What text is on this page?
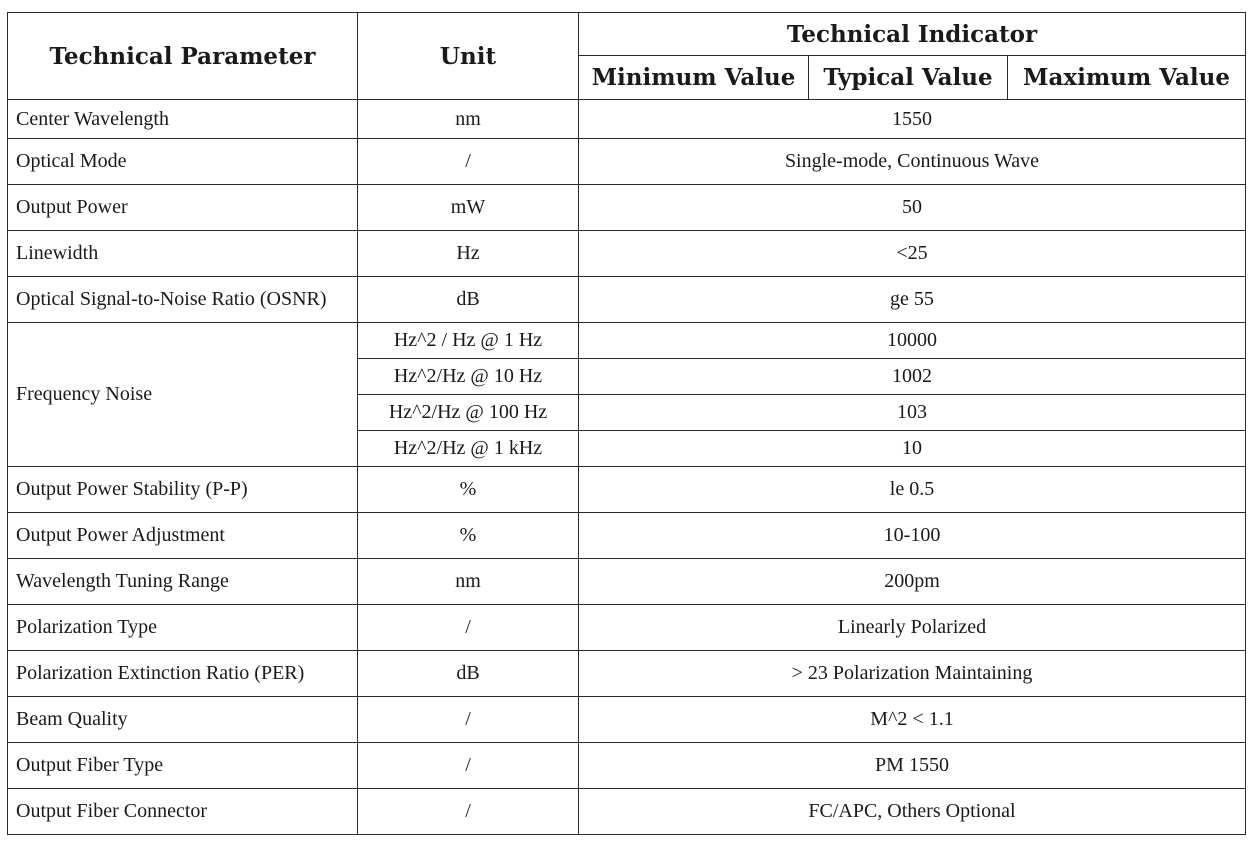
Technical Parameter	Unit	Technical Indicator		
		Minimum Value	Typical Value	Maximum Value
Center Wavelength	nm	1550		
Optical Mode	/	Single-mode, Continuous Wave		
Output Power	mW	50		
Linewidth	Hz	<25		
Optical Signal-to-Noise Ratio (OSNR)	dB	ge 55		
Frequency Noise	Hz^2 / Hz @ 1 Hz	10000		
	Hz^2/Hz @ 10 Hz	1002		
	Hz^2/Hz @ 100 Hz	103		
	Hz^2/Hz @ 1 kHz	10		
Output Power Stability (P-P)	%	le 0.5		
Output Power Adjustment	%	10-100		
Wavelength Tuning Range	nm	200pm		
Polarization Type	/	Linearly Polarized		
Polarization Extinction Ratio (PER)	dB	> 23 Polarization Maintaining		
Beam Quality	/	M^2 < 1.1		
Output Fiber Type	/	PM 1550		
Output Fiber Connector	/	FC/APC, Others Optional		
